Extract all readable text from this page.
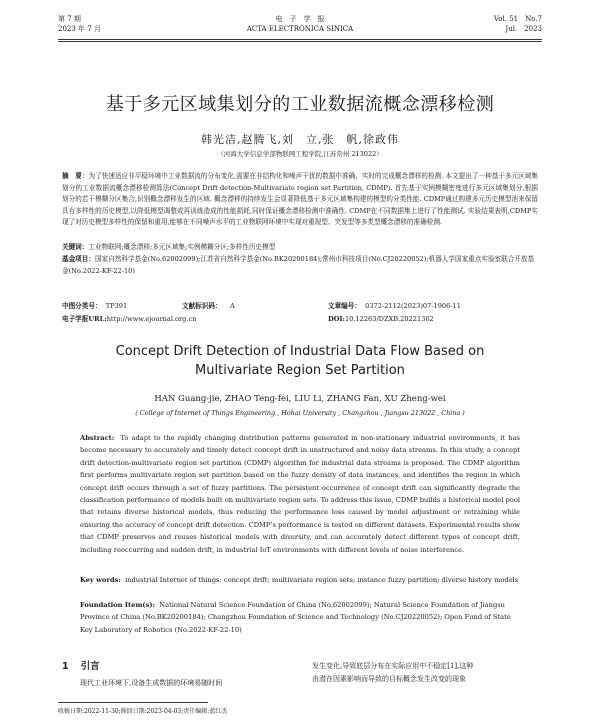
第 7 期
2023 年 7 月
电　子　学　报
ACTA ELECTRONICA SINICA
Vol. 51　No.7
Jul.　2023
基于多元区域集划分的工业数据流概念漂移检测
韩光洁,赵腾飞,刘　立,张　帆,徐政伟
（河海大学信息学部物联网工程学院,江苏常州 213022）
摘　要：为了快速适应非平稳环境中工业数据流的分布变化,需要在非结构化和噪声干扰的数据中准确、实时的完成概念漂移的检测. 本文提出了一种基于多元区域集划分的工业数据流概念漂移检测算法(Concept Drift detection-Multivariate region set Partition, CDMP). 首先基于实例模糊密度进行多元区域集划分,根据划分的若干模糊分区集合,识别概念漂移发生的区域. 概念漂移的持续发生会显著降低基于多元区域集构建的模型的分类性能. CDMP通过构建多元历史模型池来保留具有多样性的历史模型,以降低模型调整或再训练造成的性能损耗,同时保证概念漂移检测中准确性. CDMP在不同数据集上进行了性能测试. 实验结果表明,CDMP实现了对历史模型多样性的保留和重用,能够在不同噪声水平的工业物联网环境中实现对重现型、突发型等多类型概念漂移的准确检测.
关键词：工业物联网;概念漂移;多元区域集;实例模糊分区;多样性历史模型
基金项目：国家自然科学基金(No.62002099);江苏省自然科学基金(No.BK20200184);常州市科技项目(No.CJ20220052);机器人学国家重点实验室联合开放基金(No.2022-KF-22-10)
中图分类号： TP391	文献标识码： A	文章编号： 0372-2112(2023)07-1906-11
电子学报URL:http://www.ejournal.org.cn	DOI:10.12263/DZXB.20221362
Concept Drift Detection of Industrial Data Flow Based on
Multivariate Region Set Partition
HAN Guang-jie, ZHAO Teng-fei, LIU Li, ZHANG Fan, XU Zheng-wei
( College of Internet of Things Engineering , Hohai University , Changzhou , Jiangsu 213022 , China )
Abstract: To adapt to the rapidly changing distribution patterns generated in non-stationary industrial environments, it has become necessary to accurately and timely detect concept drift in unstructured and noisy data streams. In this study, a concept drift detection-multivariate region set partition (CDMP) algorithm for industrial data streams is proposed. The CDMP algorithm first performs multivariate region set partition based on the fuzzy density of data instances, and identifies the region in which concept drift occurs through a set of fuzzy partitions. The persistent occurrence of concept drift can significantly degrade the classification performance of models built on multivariate region sets. To address this issue, CDMP builds a historical model pool that retains diverse historical models, thus reducing the performance loss caused by model adjustment or retraining while ensuring the accuracy of concept drift detection. CDMP’s performance is tested on different datasets. Experimental results show that CDMP preserves and reuses historical models with diversity, and can accurately detect different types of concept drift, including reoccurring and sudden drift, in industrial IoT environments with different levels of noise interference.
Key words: industrial Internet of things; concept drift; multivariate region sets; instance fuzzy partition; diverse history models
Foundation Item(s): National Natural Science Foundation of China (No.62002099); Natural Science Foundation of Jiangsu Province of China (No.BK20200184); Changzhou Foundation of Science and Technology (No.CJ20220052); Open Fund of State Key Laboratory of Robotics (No.2022-KF-22-10)
1 引言
现代工业环境下,设备生成数据的环境易随时间
发生变化,导致底层分布在实际应用中不稳定[1],这种
由潜在因素影响而导致的目标概念发生改变的现象
收稿日期:2022-11-30;修回日期:2023-04-03;责任编辑:蓝红杰
